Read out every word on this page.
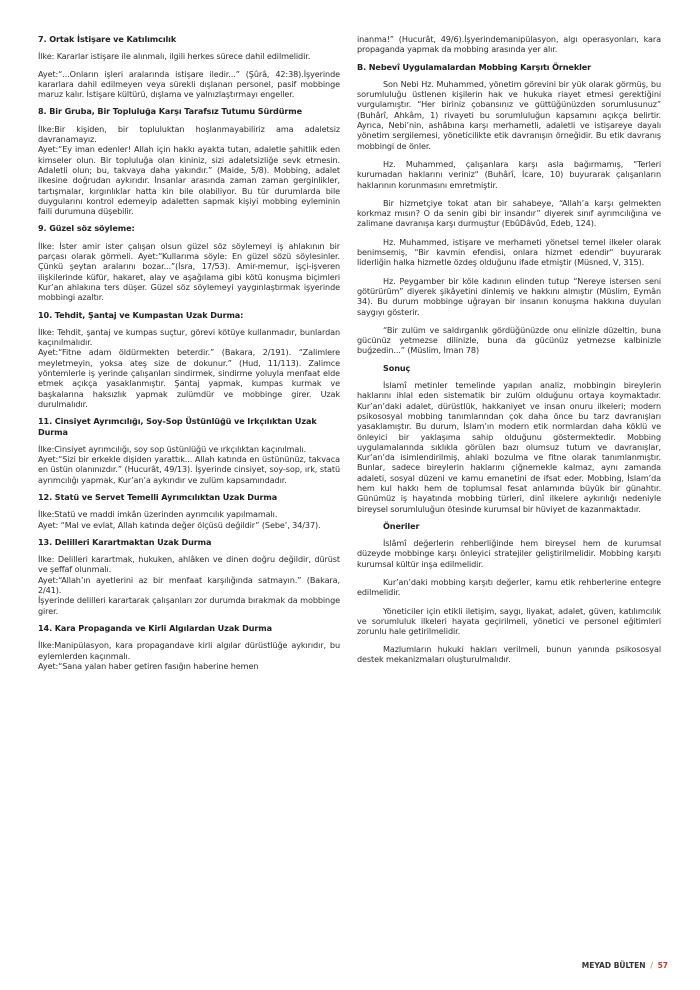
7. Ortak İstişare ve Katılımcılık

İlke: Kararlar istişare ile alınmalı, ilgili herkes sürece dahil edilmelidir.

Ayet:“...Onların işleri aralarında istişare iledir...” (Şûrâ, 42:38).İşyerinde kararlara dahil edilmeyen veya sürekli dışlanan personel, pasif mobbinge maruz kalır. İstişare kültürü, dışlama ve yalnızlaştırmayı engeller.

8. Bir Gruba, Bir Topluluğa Karşı Tarafsız Tutumu Sürdürme

İlke:Bir kişiden, bir topluluktan hoşlanmayabiliriz ama adaletsiz davranamayız.

Ayet:“Ey iman edenler! Allah için hakkı ayakta tutan, adaletle şahitlik eden kimseler olun. Bir topluluğa olan kininiz, sizi adaletsizliğe sevk etmesin. Adaletli olun; bu, takvaya daha yakındır.” (Maide, 5/8). Mobbing, adalet ilkesine doğrudan aykırıdır. İnsanlar arasında zaman zaman gerginlikler, tartışmalar, kırgınlıklar hatta kin bile olabiliyor. Bu tür durumlarda bile duygularını kontrol edemeyip adaletten sapmak kişiyi mobbing eyleminin faili durumuna düşebilir.

9. Güzel söz söyleme:

İlke: İster amir ister çalışan olsun güzel söz söylemeyi iş ahlakının bir parçası olarak görmeli. Ayet:“Kullarıma söyle: En güzel sözü söylesinler. Çünkü şeytan aralarını bozar...”(İsra, 17/53). Amir-memur, işçi-işveren ilişkilerinde küfür, hakaret, alay ve aşağılama gibi kötü konuşma biçimleri Kur’an ahlakına ters düşer. Güzel söz söylemeyi yaygınlaştırmak işyerinde mobbingi azaltır.

10. Tehdit, Şantaj ve Kumpastan Uzak Durma:

İlke: Tehdit, şantaj ve kumpas suçtur, görevi kötüye kullanmadır, bunlardan kaçınılmalıdır.

Ayet:“Fitne adam öldürmekten beterdir.” (Bakara, 2/191). “Zalimlere meyletmeyin, yoksa ateş size de dokunur.” (Hud, 11/113). Zalimce yöntemlerle iş yerinde çalışanları sindirmek, sindirme yoluyla menfaat elde etmek açıkça yasaklanmıştır. Şantaj yapmak, kumpas kurmak ve başkalarına haksızlık yapmak zulümdür ve mobbinge girer. Uzak durulmalıdır.

11. Cinsiyet Ayrımcılığı, Soy-Sop Üstünlüğü ve Irkçılıktan Uzak Durma

İlke:Cinsiyet ayrımcılığı, soy sop üstünlüğü ve ırkçılıktan kaçınılmalı.

Ayet:“Sizi bir erkekle dişiden yarattık... Allah katında en üstününüz, takvaca en üstün olanınızdır.” (Hucurât, 49/13). İşyerinde cinsiyet, soy-sop, ırk, statü ayrımcılığı yapmak, Kur’an’a aykırıdır ve zulüm kapsamındadır.

12. Statü ve Servet Temelli Ayrımcılıktan Uzak Durma

İlke:Statü ve maddi imkân üzerinden ayrımcılık yapılmamalı.

Ayet: “Mal ve evlat, Allah katında değer ölçüsü değildir” (Sebe’, 34/37).

13. Delilleri Karartmaktan Uzak Durma

İlke: Delilleri karartmak, hukuken, ahlâken ve dinen doğru değildir, dürüst ve şeffaf olunmalı.

Ayet:“Allah’ın ayetlerini az bir menfaat karşılığında satmayın.” (Bakara, 2/41).

İşyerinde delilleri karartarak çalışanları zor durumda bırakmak da mobbinge girer.

14. Kara Propaganda ve Kirli Algılardan Uzak Durma

İlke:Manipülasyon, kara propagandave kirli algılar dürüstlüğe aykırıdır, bu eylemlerden kaçınmalı.

Ayet:“Sana yalan haber getiren fasığın haberine hemen

inanma!” (Hucurât, 49/6).İşyerindemanipülasyon, algı operasyonları, kara propaganda yapmak da mobbing arasında yer alır.

B. Nebevî Uygulamalardan Mobbing Karşıtı Örnekler

Son Nebi Hz. Muhammed, yönetim görevini bir yük olarak görmüş, bu sorumluluğu üstlenen kişilerin hak ve hukuka riayet etmesi gerektiğini vurgulamıştır. “Her biriniz çobansınız ve güttüğünüzden sorumlusunuz” (Buhârî, Ahkâm, 1) rivayeti bu sorumluluğun kapsamını açıkça belirtir. Ayrıca, Nebi’nin, ashâbına karşı merhametli, adaletli ve istişareye dayalı yönetim sergilemesi, yöneticilikte etik davranışın örneğidir. Bu etik davranış mobbingi de önler.

Hz. Muhammed, çalışanlara karşı asla bağırmamış, "Terleri kurumadan haklarını veriniz" (Buhârî, İcare, 10) buyurarak çalışanların haklarının korunmasını emretmiştir.

Bir hizmetçiye tokat atan bir sahabeye, “Allah’a karşı gelmekten korkmaz mısın? O da senin gibi bir insandır” diyerek sınıf ayrımcılığına ve zalimane davranışa karşı durmuştur (EbûDâvûd, Edeb, 124).

Hz. Muhammed, istişare ve merhameti yönetsel temel ilkeler olarak benimsemiş, "Bir kavmin efendisi, onlara hizmet edendir" buyurarak liderliğin halka hizmetle özdeş olduğunu ifade etmiştir (Müsned, V, 315).

Hz. Peygamber bir köle kadının elinden tutup “Nereye istersen seni götürürüm” diyerek şikâyetini dinlemiş ve hakkını almıştır (Müslim, Eymân 34). Bu durum mobbinge uğrayan bir insanın konuşma hakkına duyulan saygıyı gösterir.

“Bir zulüm ve saldırganlık gördüğünüzde onu elinizle düzeltin, buna gücünüz yetmezse dilinizle, buna da gücünüz yetmezse kalbinizle buğzedin...” (Müslim, İman 78)

Sonuç

İslamî metinler temelinde yapılan analiz, mobbingin bireylerin haklarını ihlal eden sistematik bir zulüm olduğunu ortaya koymaktadır. Kur’an’daki adalet, dürüstlük, hakkaniyet ve insan onuru ilkeleri; modern psikososyal mobbing tanımlarından çok daha önce bu tarz davranışları yasaklamıştır. Bu durum, İslam’ın modern etik normlardan daha köklü ve önleyici bir yaklaşıma sahip olduğunu göstermektedir. Mobbing uygulamalarında sıklıkla görülen bazı olumsuz tutum ve davranışlar, Kur’an’da isimlendirilmiş, ahlaki bozulma ve fitne olarak tanımlanmıştır. Bunlar, sadece bireylerin haklarını çiğnemekle kalmaz, aynı zamanda adaleti, sosyal düzeni ve kamu emanetini de ifsat eder. Mobbing, İslam’da hem kul hakkı hem de toplumsal fesat anlamında büyük bir günahtır. Günümüz iş hayatında mobbing türleri, dinî ilkelere aykırılığı nedeniyle bireysel sorumluluğun ötesinde kurumsal bir hüviyet de kazanmaktadır.

Öneriler

İslâmî değerlerin rehberliğinde hem bireysel hem de kurumsal düzeyde mobbinge karşı önleyici stratejiler geliştirilmelidir. Mobbing karşıtı kurumsal kültür inşa edilmelidir.

Kur’an’daki mobbing karşıtı değerler, kamu etik rehberlerine entegre edilmelidir.

Yöneticiler için etikli iletişim, saygı, liyakat, adalet, güven, katılımcılık ve sorumluluk ilkeleri hayata geçirilmeli, yönetici ve personel eğitimleri zorunlu hale getirilmelidir.

Mazlumların hukuki hakları verilmeli, bunun yanında psikososyal destek mekanizmaları oluşturulmalıdır.

MEYAD BÜLTEN / 57
